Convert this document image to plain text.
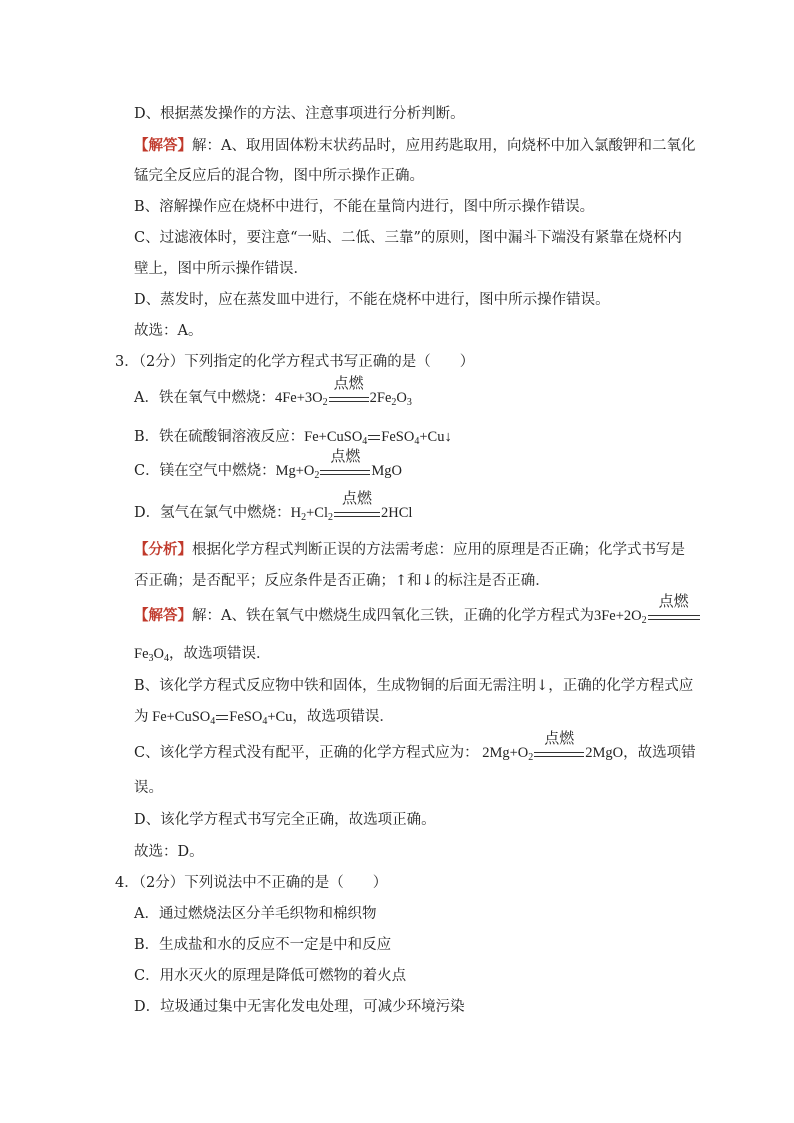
D、根据蒸发操作的方法、注意事项进行分析判断。
【解答】解：A、取用固体粉末状药品时，应用药匙取用，向烧杯中加入氯酸钾和二氧化
锰完全反应后的混合物，图中所示操作正确。
B、溶解操作应在烧杯中进行，不能在量筒内进行，图中所示操作错误。
C、过滤液体时，要注意“一贴、二低、三靠”的原则，图中漏斗下端没有紧靠在烧杯内
壁上，图中所示操作错误．
D、蒸发时，应在蒸发皿中进行，不能在烧杯中进行，图中所示操作错误。
故选：A。
3．（2分）下列指定的化学方程式书写正确的是（　　）
A．铁在氧气中燃烧：$4Fe+3O_2$
点燃
$2Fe_2O_3$
B．铁在硫酸铜溶液反应：Fe+CuSO$_4$ FeSO$_4$+Cu↓
C．镁在空气中燃烧：$Mg+O_2$
点燃
MgO
D．氢气在氯气中燃烧：$H_2+Cl_2$
点燃
2HCl
【分析】根据化学方程式判断正误的方法需考虑：应用的原理是否正确；化学式书写是
否正确；是否配平；反应条件是否正确；↑和↓的标注是否正确．
【解答】解：A、铁在氧气中燃烧生成四氧化三铁，正确的化学方程式为$3Fe+2O_2$
点燃
$Fe_3O_4$，故选项错误．
B、该化学方程式反应物中铁和固体，生成物铜的后面无需注明↓，正确的化学方程式应
为 Fe+CuSO$_4$ FeSO$_4$+Cu，故选项错误．
C、该化学方程式没有配平，正确的化学方程式应为： $2Mg+O_2$
点燃
2MgO，故选项错
误。
D、该化学方程式书写完全正确，故选项正确。
故选：D。
4．（2分）下列说法中不正确的是（　　）
A．通过燃烧法区分羊毛织物和棉织物
B．生成盐和水的反应不一定是中和反应
C．用水灭火的原理是降低可燃物的着火点
D．垃圾通过集中无害化发电处理，可减少环境污染
